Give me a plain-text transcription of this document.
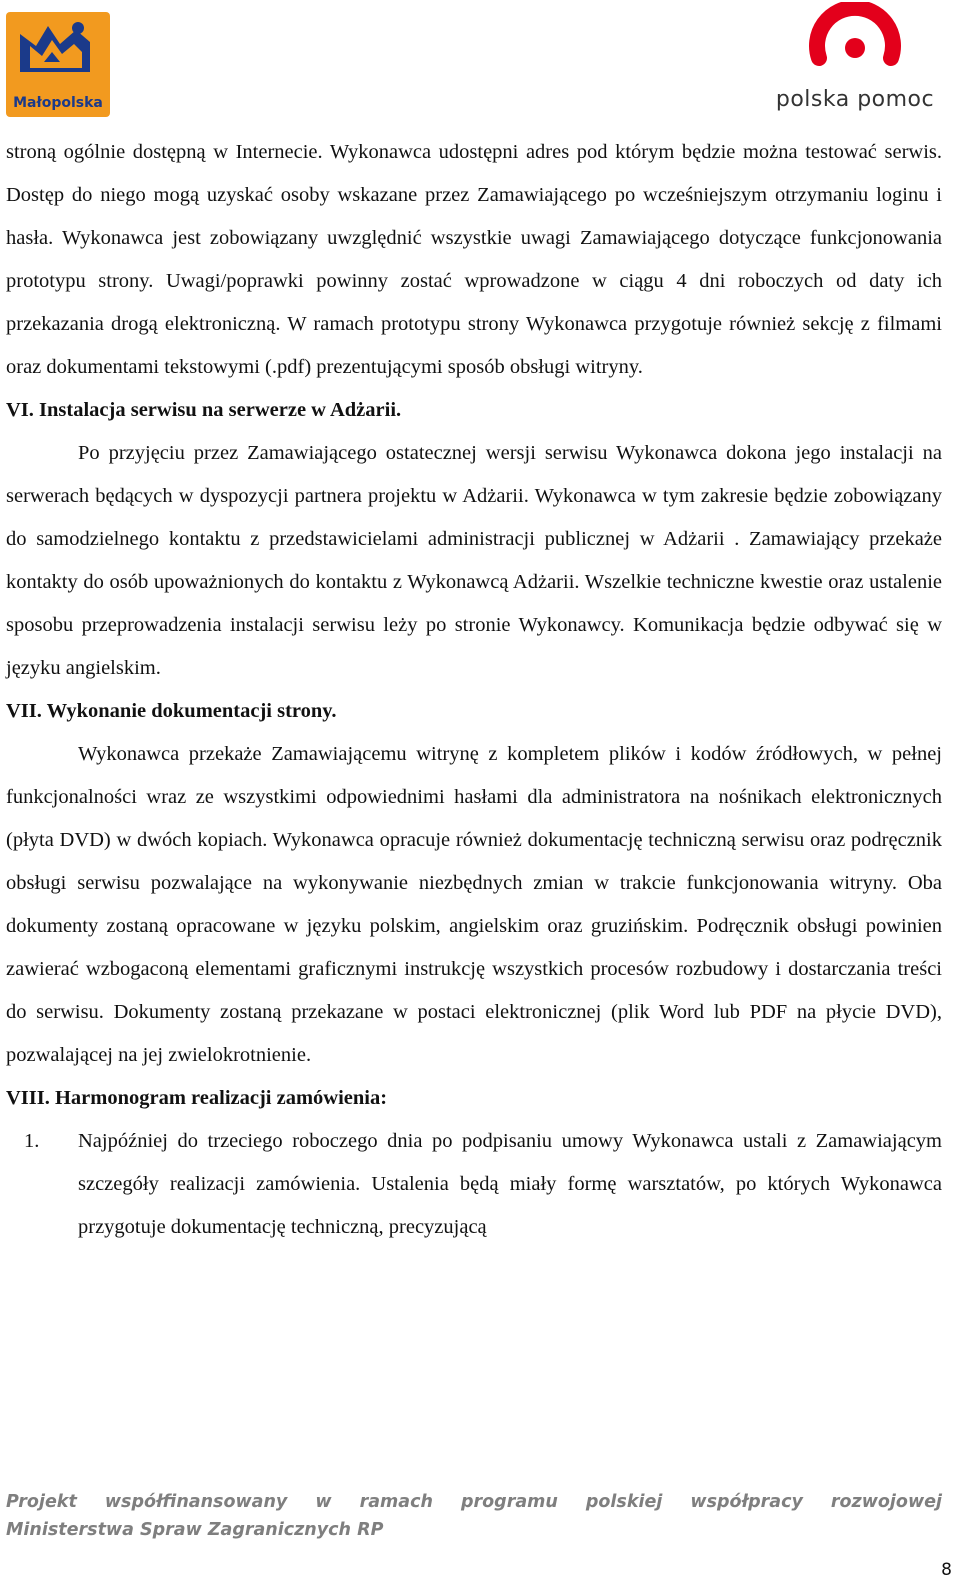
Małopolska	polska pomoc

stroną ogólnie dostępną w Internecie. Wykonawca udostępni adres pod którym będzie można testować serwis. Dostęp do niego mogą uzyskać osoby wskazane przez Zamawiającego po wcześniejszym otrzymaniu loginu i hasła. Wykonawca jest zobowiązany uwzględnić wszystkie uwagi Zamawiającego dotyczące funkcjonowania prototypu strony. Uwagi/poprawki powinny zostać wprowadzone w ciągu 4 dni roboczych od daty ich przekazania drogą elektroniczną. W ramach prototypu strony Wykonawca przygotuje również sekcję z filmami oraz dokumentami tekstowymi (.pdf) prezentującymi sposób obsługi witryny.

VI. Instalacja serwisu na serwerze w Adżarii.

Po przyjęciu przez Zamawiającego ostatecznej wersji serwisu Wykonawca dokona jego instalacji na serwerach będących w dyspozycji partnera projektu w Adżarii. Wykonawca w tym zakresie będzie zobowiązany do samodzielnego kontaktu z przedstawicielami administracji publicznej w Adżarii . Zamawiający przekaże kontakty do osób upoważnionych do kontaktu z Wykonawcą Adżarii. Wszelkie techniczne kwestie oraz ustalenie sposobu przeprowadzenia instalacji serwisu leży po stronie Wykonawcy. Komunikacja będzie odbywać się w języku angielskim.

VII. Wykonanie dokumentacji strony.

Wykonawca przekaże Zamawiającemu witrynę z kompletem plików i kodów źródłowych, w pełnej funkcjonalności wraz ze wszystkimi odpowiednimi hasłami dla administratora na nośnikach elektronicznych (płyta DVD) w dwóch kopiach. Wykonawca opracuje również dokumentację techniczną serwisu oraz podręcznik obsługi serwisu pozwalające na wykonywanie niezbędnych zmian w trakcie funkcjonowania witryny. Oba dokumenty zostaną opracowane w języku polskim, angielskim oraz gruzińskim. Podręcznik obsługi powinien zawierać wzbogaconą elementami graficznymi instrukcję wszystkich procesów rozbudowy i dostarczania treści do serwisu. Dokumenty zostaną przekazane w postaci elektronicznej (plik Word lub PDF na płycie DVD), pozwalającej na jej zwielokrotnienie.

VIII. Harmonogram realizacji zamówienia:
1. Najpóźniej do trzeciego roboczego dnia po podpisaniu umowy Wykonawca ustali z Zamawiającym szczegóły realizacji zamówienia. Ustalenia będą miały formę warsztatów, po których Wykonawca przygotuje dokumentację techniczną, precyzującą
Projekt współfinansowany w ramach programu polskiej współpracy rozwojowej
Ministerstwa Spraw Zagranicznych RP
8
